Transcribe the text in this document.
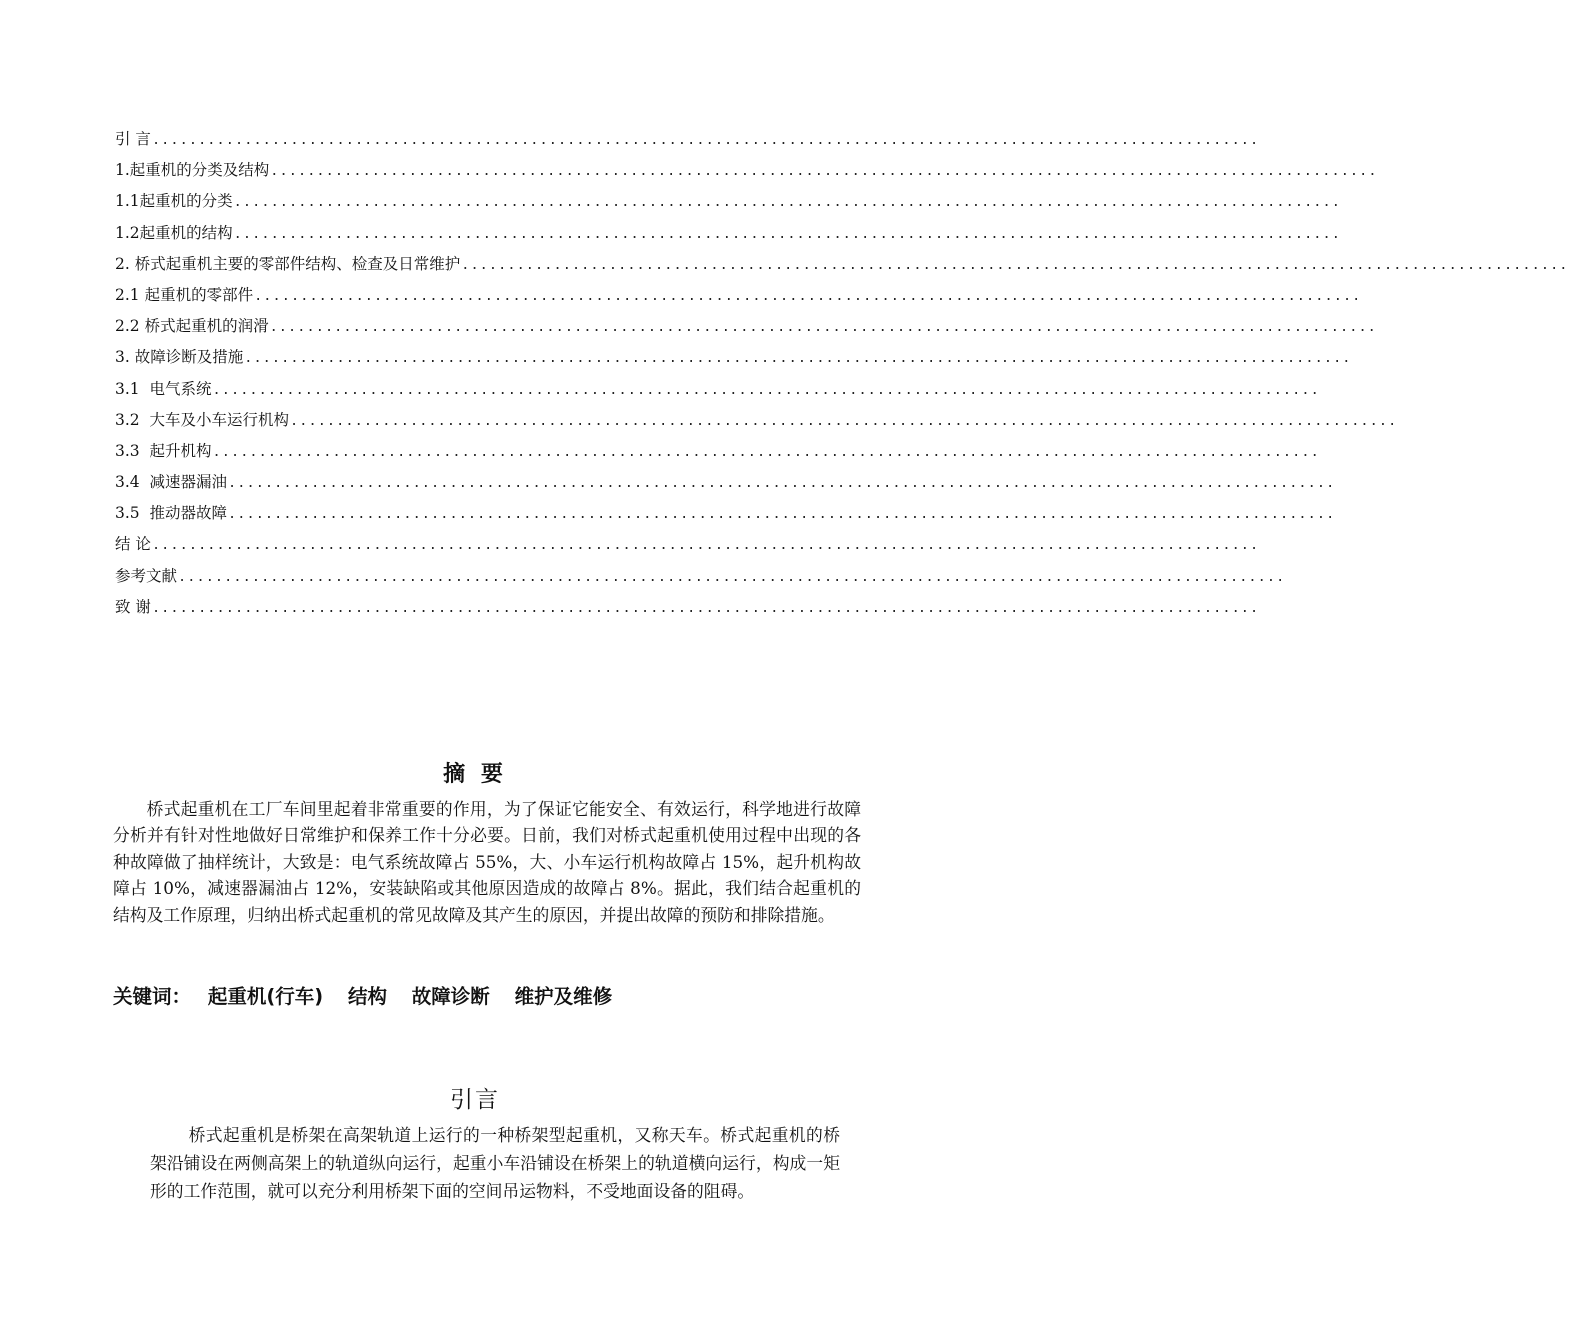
引 言 ........................................................................................................................
1.起重机的分类及结构 ........................................................................................................................
1.1起重机的分类 ........................................................................................................................
1.2起重机的结构 ........................................................................................................................
2. 桥式起重机主要的零部件结构、检查及日常维护 ........................................................................................................................
2.1 起重机的零部件 ........................................................................................................................
2.2 桥式起重机的润滑 ........................................................................................................................
3. 故障诊断及措施 ........................................................................................................................
3.1  电气系统 ........................................................................................................................
3.2  大车及小车运行机构 ........................................................................................................................
3.3  起升机构 ........................................................................................................................
3.4  减速器漏油 ........................................................................................................................
3.5  推动器故障 ........................................................................................................................
结 论 ........................................................................................................................
参考文献 ........................................................................................................................
致 谢 ........................................................................................................................
摘 要

桥式起重机在工厂车间里起着非常重要的作用，为了保证它能安全、有效运行，科学地进行故障分析并有针对性地做好日常维护和保养工作十分必要。日前，我们对桥式起重机使用过程中出现的各种故障做了抽样统计，大致是：电气系统故障占 55%，大、小车运行机构故障占 15%，起升机构故障占 10%，减速器漏油占 12%，安装缺陷或其他原因造成的故障占 8%。据此，我们结合起重机的结构及工作原理，归纳出桥式起重机的常见故障及其产生的原因，并提出故障的预防和排除措施。

关键词： 起重机(行车) 结构 故障诊断 维护及维修

引言

桥式起重机是桥架在高架轨道上运行的一种桥架型起重机，又称天车。桥式起重机的桥架沿铺设在两侧高架上的轨道纵向运行，起重小车沿铺设在桥架上的轨道横向运行，构成一矩形的工作范围，就可以充分利用桥架下面的空间吊运物料，不受地面设备的阻碍。
